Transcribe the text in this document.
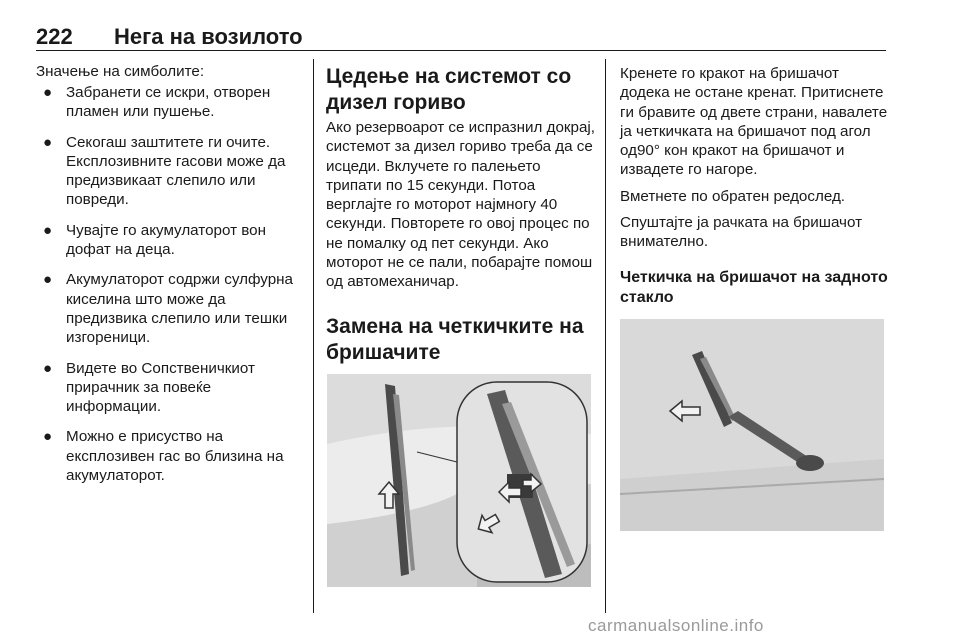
222 Нега на возилото

Значење на симболите:

● Забранети се искри, отворен пламен или пушење.
● Секогаш заштитете ги очите. Експлозивните гасови може да предизвикаат слепило или повреди.
● Чувајте го акумулаторот вон дофат на деца.
● Акумулаторот содржи сулфурна киселина што може да предизвика слепило или тешки изгореници.
● Видете во Сопственичкиот прирачник за повеќе информации.
● Можно е присуство на експлозивен гас во близина на акумулаторот.
Цедење на системот со дизел гориво

Ако резервоарот се испразнил докрај, системот за дизел гориво треба да се исцеди. Вклучете го палењето трипати по 15 секунди. Потоа верглајте го моторот најмногу 40 секунди. Повторете го овој процес по не помалку од пет секунди. Ако моторот не се пали, побарајте помош од автомеханичар.

Замена на четкичките на бришачите

Кренете го кракот на бришачот додека не остане кренат. Притиснете ги бравите од двете страни, навалете ја четкичката на бришачот под агол од90° кон кракот на бришачот и извадете го нагоре.

Вметнете по обратен редослед.

Спуштајте ја рачката на бришачот внимателно.

Четкичка на бришачот на задното стакло
carmanualsonline.info
